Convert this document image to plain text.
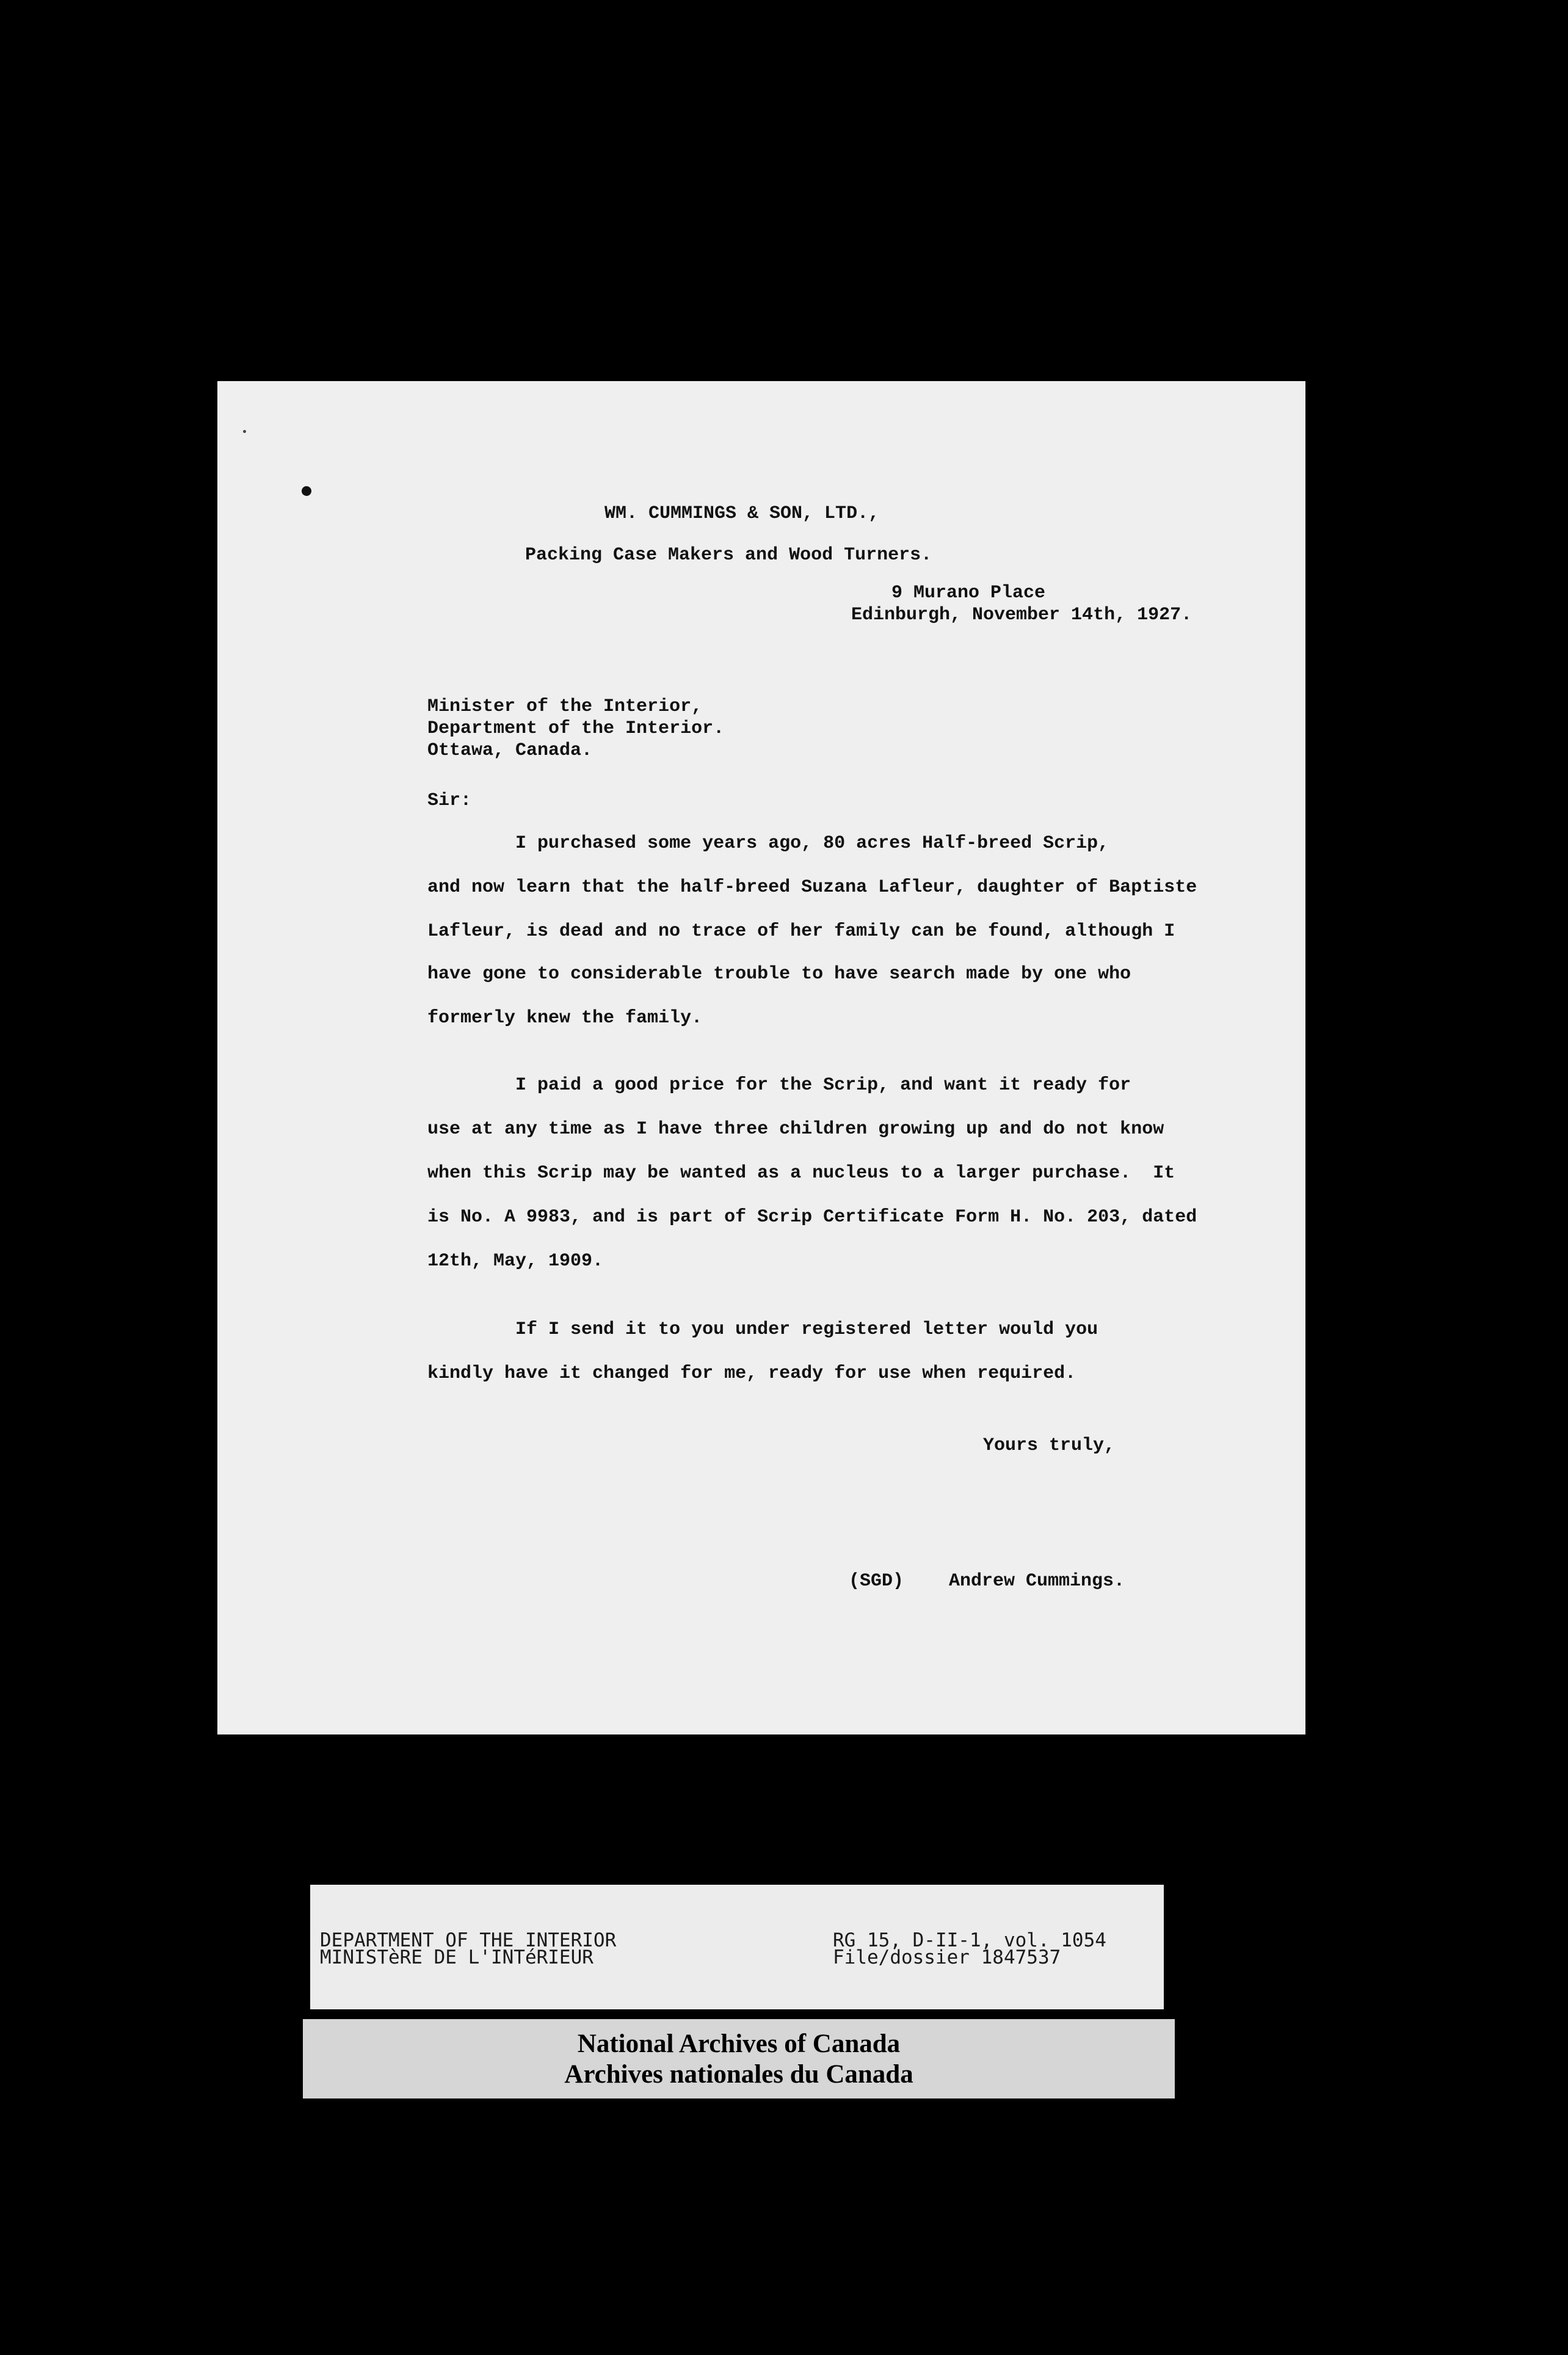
WM. CUMMINGS & SON, LTD.,
Packing Case Makers and Wood Turners.
9 Murano Place
Edinburgh, November 14th, 1927.
Minister of the Interior,
Department of the Interior.
Ottawa, Canada.
Sir:
I purchased some years ago, 80 acres Half-breed Scrip,
and now learn that the half-breed Suzana Lafleur, daughter of Baptiste
Lafleur, is dead and no trace of her family can be found, although I
have gone to considerable trouble to have search made by one who
formerly knew the family.
I paid a good price for the Scrip, and want it ready for
use at any time as I have three children growing up and do not know
when this Scrip may be wanted as a nucleus to a larger purchase.  It
is No. A 9983, and is part of Scrip Certificate Form H. No. 203, dated
12th, May, 1909.
If I send it to you under registered letter would you
kindly have it changed for me, ready for use when required.
Yours truly,
(SGD) Andrew Cummings.
DEPARTMENT OF THE INTERIOR
MINISTèRE DE L'INTéRIEUR
RG 15, D-II-1, vol. 1054
File/dossier 1847537
National Archives of Canada
Archives nationales du Canada
